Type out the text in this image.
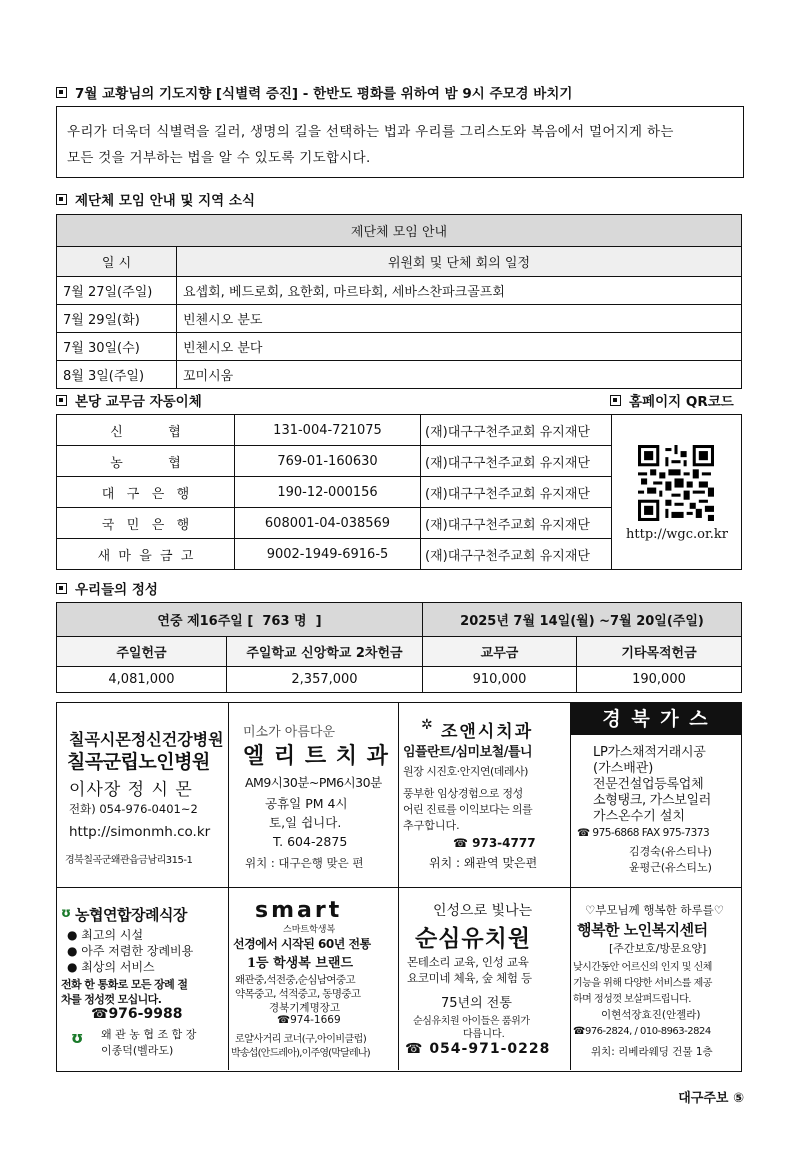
7월 교황님의 기도지향 [식별력 증진] - 한반도 평화를 위하여 밤 9시 주모경 바치기
우리가 더욱더 식별력을 길러, 생명의 길을 선택하는 법과 우리를 그리스도와 복음에서 멀어지게 하는
모든 것을 거부하는 법을 알 수 있도록 기도합시다.
제단체 모임 안내 및 지역 소식
제단체 모임 안내	
일 시	위원회 및 단체 회의 일정
7월 27일(주일)	요셉회, 베드로회, 요한회, 마르타회, 세바스찬파크골프회
7월 29일(화)	빈첸시오 분도
7월 30일(수)	빈첸시오 분다
8월 3일(주일)	꼬미시움
본당 교무금 자동이체	홈페이지 QR코드
신           협	131-004-721075	(재)대구구천주교회 유지재단
농           협	769-01-160630	(재)대구구천주교회 유지재단
대   구   은   행	190-12-000156	(재)대구구천주교회 유지재단
국   민   은   행	608001-04-038569	(재)대구구천주교회 유지재단
새  마  을  금  고	9002-1949-6916-5	(재)대구구천주교회 유지재단
http://wgc.or.kr
우리들의 정성
연중 제16주일 [  763 명  ]		2025년 7월 14일(월) ~7월 20일(주일)	
주일헌금	주일학교 신앙학교 2차헌금	교무금	기타목적헌금
4,081,000	2,357,000	910,000	190,000
칠곡시몬정신건강병원
칠곡군립노인병원
이사장 정 시 몬
전화) 054-976-0401~2
http://simonmh.co.kr
경북칠곡군왜관읍금남리315-1
미소가 아름다운
엘 리 트 치 과
AM9시30분~PM6시30분
공휴일 PM 4시
토,일 쉽니다.
T. 604-2875
위치 : 대구은행 맞은 편
✲ 조앤시치과
임플란트/심미보철/틀니
원장 시진호·안지연(데레사)
풍부한 임상경험으로 정성
어린 진료를 이익보다는 의를
추구합니다.
☎ 973-4777
위치 : 왜관역 맞은편
경 북 가 스
LP가스채적거래시공
(가스배관)
전문건설업등록업체
소형탱크, 가스보일러
가스온수기 설치
☎ 975-6868 FAX 975-7373
김경숙(유스티나)
윤평근(유스티노)
ʊ 농협연합장례식장
● 최고의 시설
● 아주 저렴한 장례비용
● 최상의 서비스
전화 한 통화로 모든 장례 절
차를 정성껏 모십니다.
☎976-9988
ʊ 왜 관 농 협 조 합 장
이종덕(벨라도)
smart
스마트학생복
선경에서 시작된 60년 전통
1등 학생복 브랜드
왜관중,석전중,순심남여중고
약목중고, 석적중고, 동명중고
경북기계명장고
☎974-1669
로얄사거리 코너(구,아이비클럽)
박송섭(안드레아),이주영(막달레나)
인성으로 빛나는
순심유치원
몬테소리 교육, 인성 교육
요코미네 체육, 숲 체험 등
75년의 전통
순심유치원 아이들은 품위가
다릅니다.
☎ 054-971-0228
♡부모님께 행복한 하루를♡
행복한 노인복지센터
[주간보호/방문요양]
낮시간동안 어르신의 인지 및 신체
기능을 위해 다양한 서비스를 제공
하며 정성껏 보살펴드립니다.
이현석장효진(안젤라)
☎976-2824, / 010-8963-2824
위치: 리베라웨딩 건물 1층
대구주보 ⑤
